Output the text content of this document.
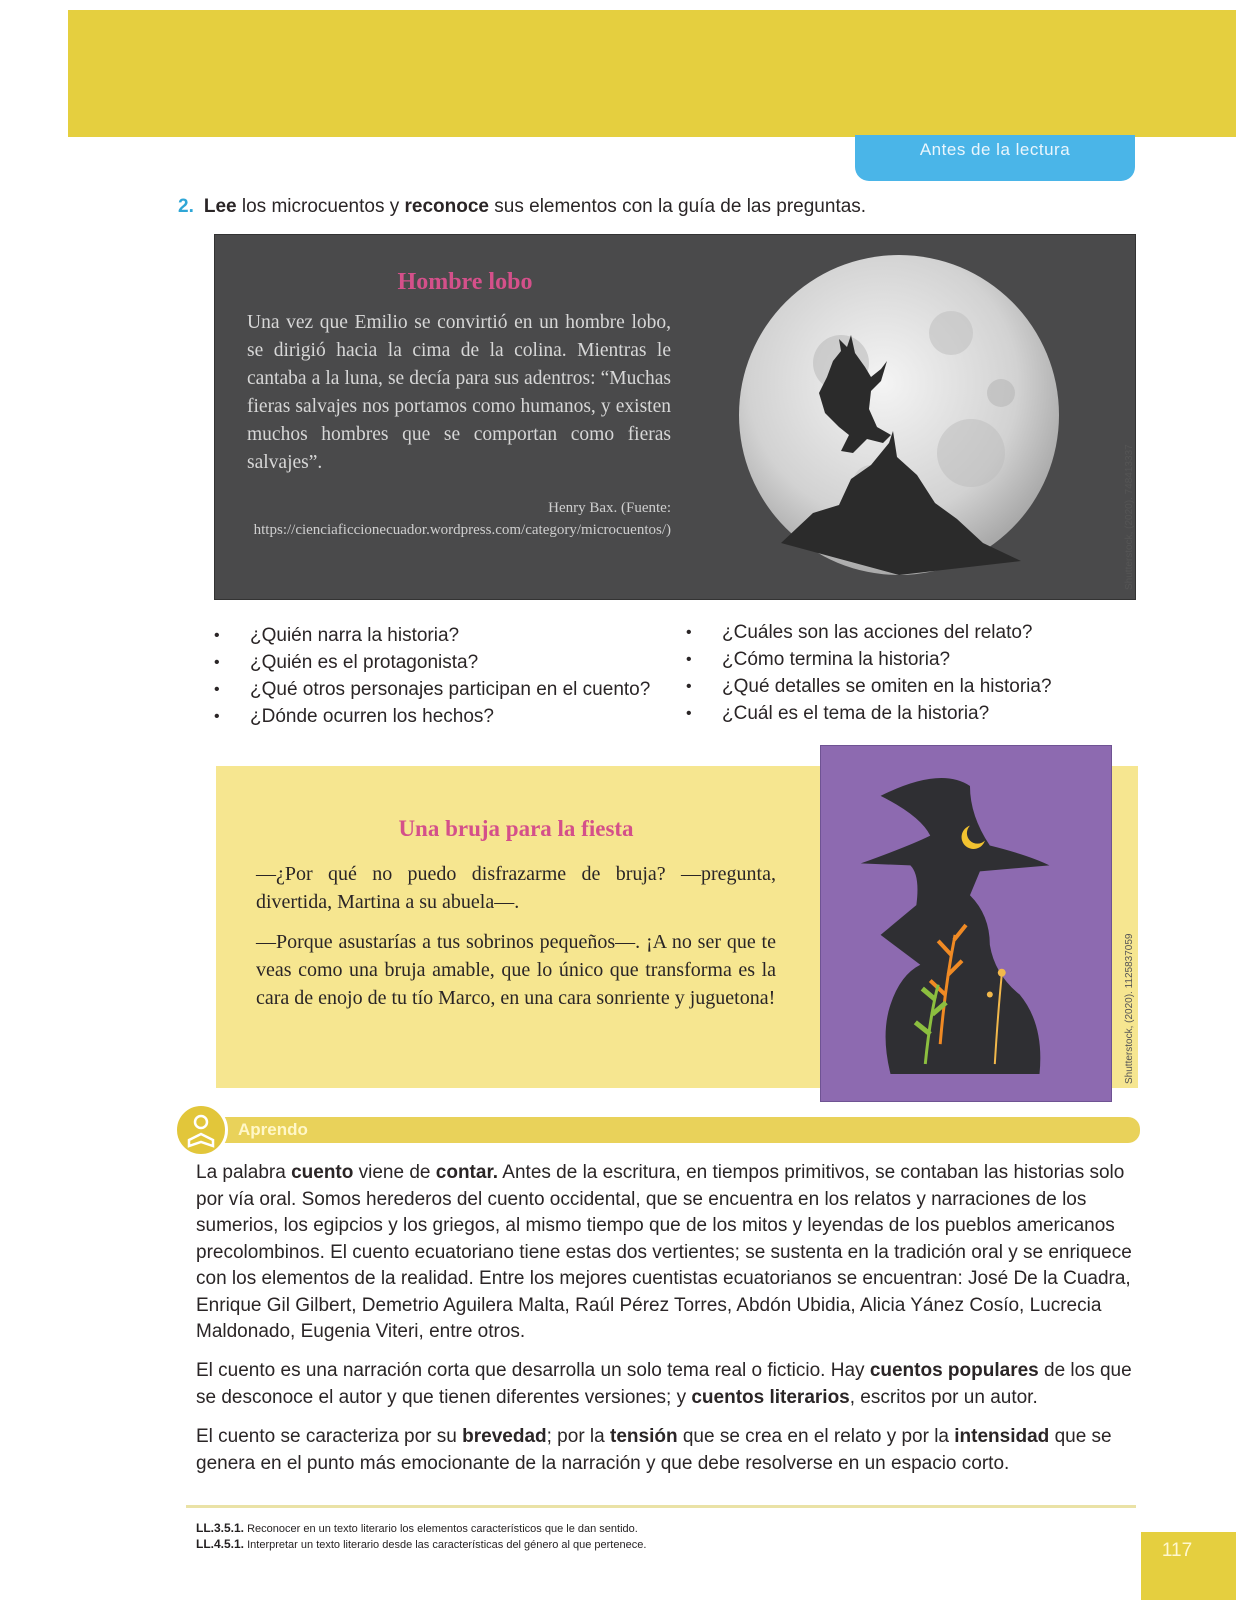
Antes de la lectura
2. Lee los microcuentos y reconoce sus elementos con la guía de las preguntas.
Hombre lobo
Una vez que Emilio se convirtió en un hombre lobo, se dirigió hacia la cima de la colina. Mientras le cantaba a la luna, se decía para sus adentros: “Muchas fieras salvajes nos portamos como humanos, y existen muchos hombres que se comportan como fieras salvajes”.
Henry Bax. (Fuente: https://cienciaficcionecuador.wordpress.com/category/microcuentos/)	Shutterstock, (2020). 748413337
• ¿Quién narra la historia?
• ¿Quién es el protagonista?
• ¿Qué otros personajes participan en el cuento?
• ¿Dónde ocurren los hechos?
• ¿Cuáles son las acciones del relato?
• ¿Cómo termina la historia?
• ¿Qué detalles se omiten en la historia?
• ¿Cuál es el tema de la historia?
Una bruja para la fiesta
—¿Por qué no puedo disfrazarme de bruja? —pregunta, divertida, Martina a su abuela—.
—Porque asustarías a tus sobrinos pequeños—. ¡A no ser que te veas como una bruja amable, que lo único que transforma es la cara de enojo de tu tío Marco, en una cara sonriente y juguetona!	Shutterstock, (2020). 1125837059
Aprendo
La palabra cuento viene de contar. Antes de la escritura, en tiempos primitivos, se contaban las historias solo por vía oral. Somos herederos del cuento occidental, que se encuentra en los relatos y narraciones de los sumerios, los egipcios y los griegos, al mismo tiempo que de los mitos y leyendas de los pueblos americanos precolombinos. El cuento ecuatoriano tiene estas dos vertientes; se sustenta en la tradición oral y se enriquece con los elementos de la realidad. Entre los mejores cuentistas ecuatorianos se encuentran: José De la Cuadra, Enrique Gil Gilbert, Demetrio Aguilera Malta, Raúl Pérez Torres, Abdón Ubidia, Alicia Yánez Cosío, Lucrecia Maldonado, Eugenia Viteri, entre otros.
El cuento es una narración corta que desarrolla un solo tema real o ficticio. Hay cuentos populares de los que se desconoce el autor y que tienen diferentes versiones; y cuentos literarios, escritos por un autor.
El cuento se caracteriza por su brevedad; por la tensión que se crea en el relato y por la intensidad que se genera en el punto más emocionante de la narración y que debe resolverse en un espacio corto.
LL.3.5.1. Reconocer en un texto literario los elementos característicos que le dan sentido.
LL.4.5.1. Interpretar un texto literario desde las características del género al que pertenece.	117
